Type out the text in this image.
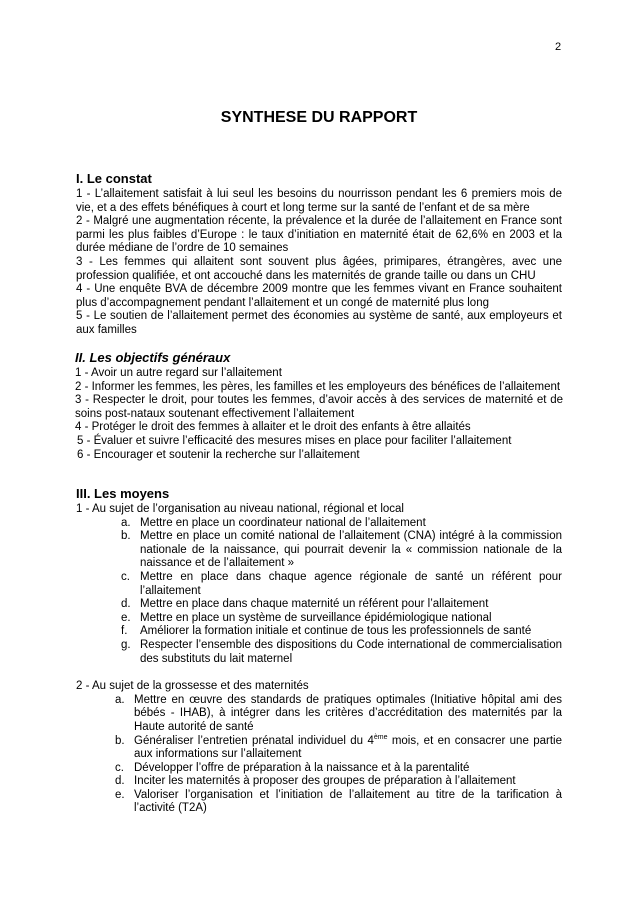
2
SYNTHESE DU RAPPORT
I. Le constat
1 - L’allaitement satisfait à lui seul les besoins du nourrisson pendant les 6 premiers mois de vie, et a des effets bénéfiques à court et long terme sur la santé de l’enfant et de sa mère
2 - Malgré une augmentation récente, la prévalence et la durée de l’allaitement en France sont parmi les plus faibles d’Europe : le taux d’initiation en maternité était de 62,6% en 2003 et la durée médiane de l’ordre de 10 semaines
3 - Les femmes qui allaitent sont souvent plus âgées, primipares, étrangères, avec une profession qualifiée, et ont accouché dans les maternités de grande taille ou dans un CHU
4 - Une enquête BVA de décembre 2009 montre que les femmes vivant en France souhaitent plus d’accompagnement pendant l’allaitement et un congé de maternité plus long
5 - Le soutien de l’allaitement permet des économies au système de santé, aux employeurs et aux familles
II. Les objectifs généraux
1 - Avoir un autre regard sur l’allaitement
2 - Informer les femmes, les pères, les familles et les employeurs des bénéfices de l’allaitement
3 - Respecter le droit, pour toutes les femmes, d’avoir accès à des services de maternité et de soins post-nataux soutenant effectivement l’allaitement
4 - Protéger le droit des femmes à allaiter et le droit des enfants à être allaités
5 - Évaluer et suivre l’efficacité des mesures mises en place pour faciliter l’allaitement
6 - Encourager et soutenir la recherche sur l’allaitement
III. Les moyens
1 - Au sujet de l’organisation au niveau national, régional et local
a. Mettre en place un coordinateur national de l’allaitement
b. Mettre en place un comité national de l’allaitement (CNA) intégré à la commission nationale de la naissance, qui pourrait devenir la « commission nationale de la naissance et de l’allaitement »
c. Mettre en place dans chaque agence régionale de santé un référent pour l’allaitement
d. Mettre en place dans chaque maternité un référent pour l’allaitement
e. Mettre en place un système de surveillance épidémiologique national
f.	Améliorer la formation initiale et continue de tous les professionnels de santé
g. Respecter l’ensemble des dispositions du Code international de commercialisation des substituts du lait maternel
2 - Au sujet de la grossesse et des maternités
a. Mettre en œuvre des standards de pratiques optimales (Initiative hôpital ami des bébés - IHAB), à intégrer dans les critères d’accréditation des maternités par la Haute autorité de santé
b. Généraliser l’entretien prénatal individuel du 4ème mois, et en consacrer une partie aux informations sur l’allaitement
c. Développer l’offre de préparation à la naissance et à la parentalité
d. Inciter les maternités à proposer des groupes de préparation à l’allaitement
e. Valoriser l’organisation et l’initiation de l’allaitement au titre de la tarification à l’activité (T2A)
